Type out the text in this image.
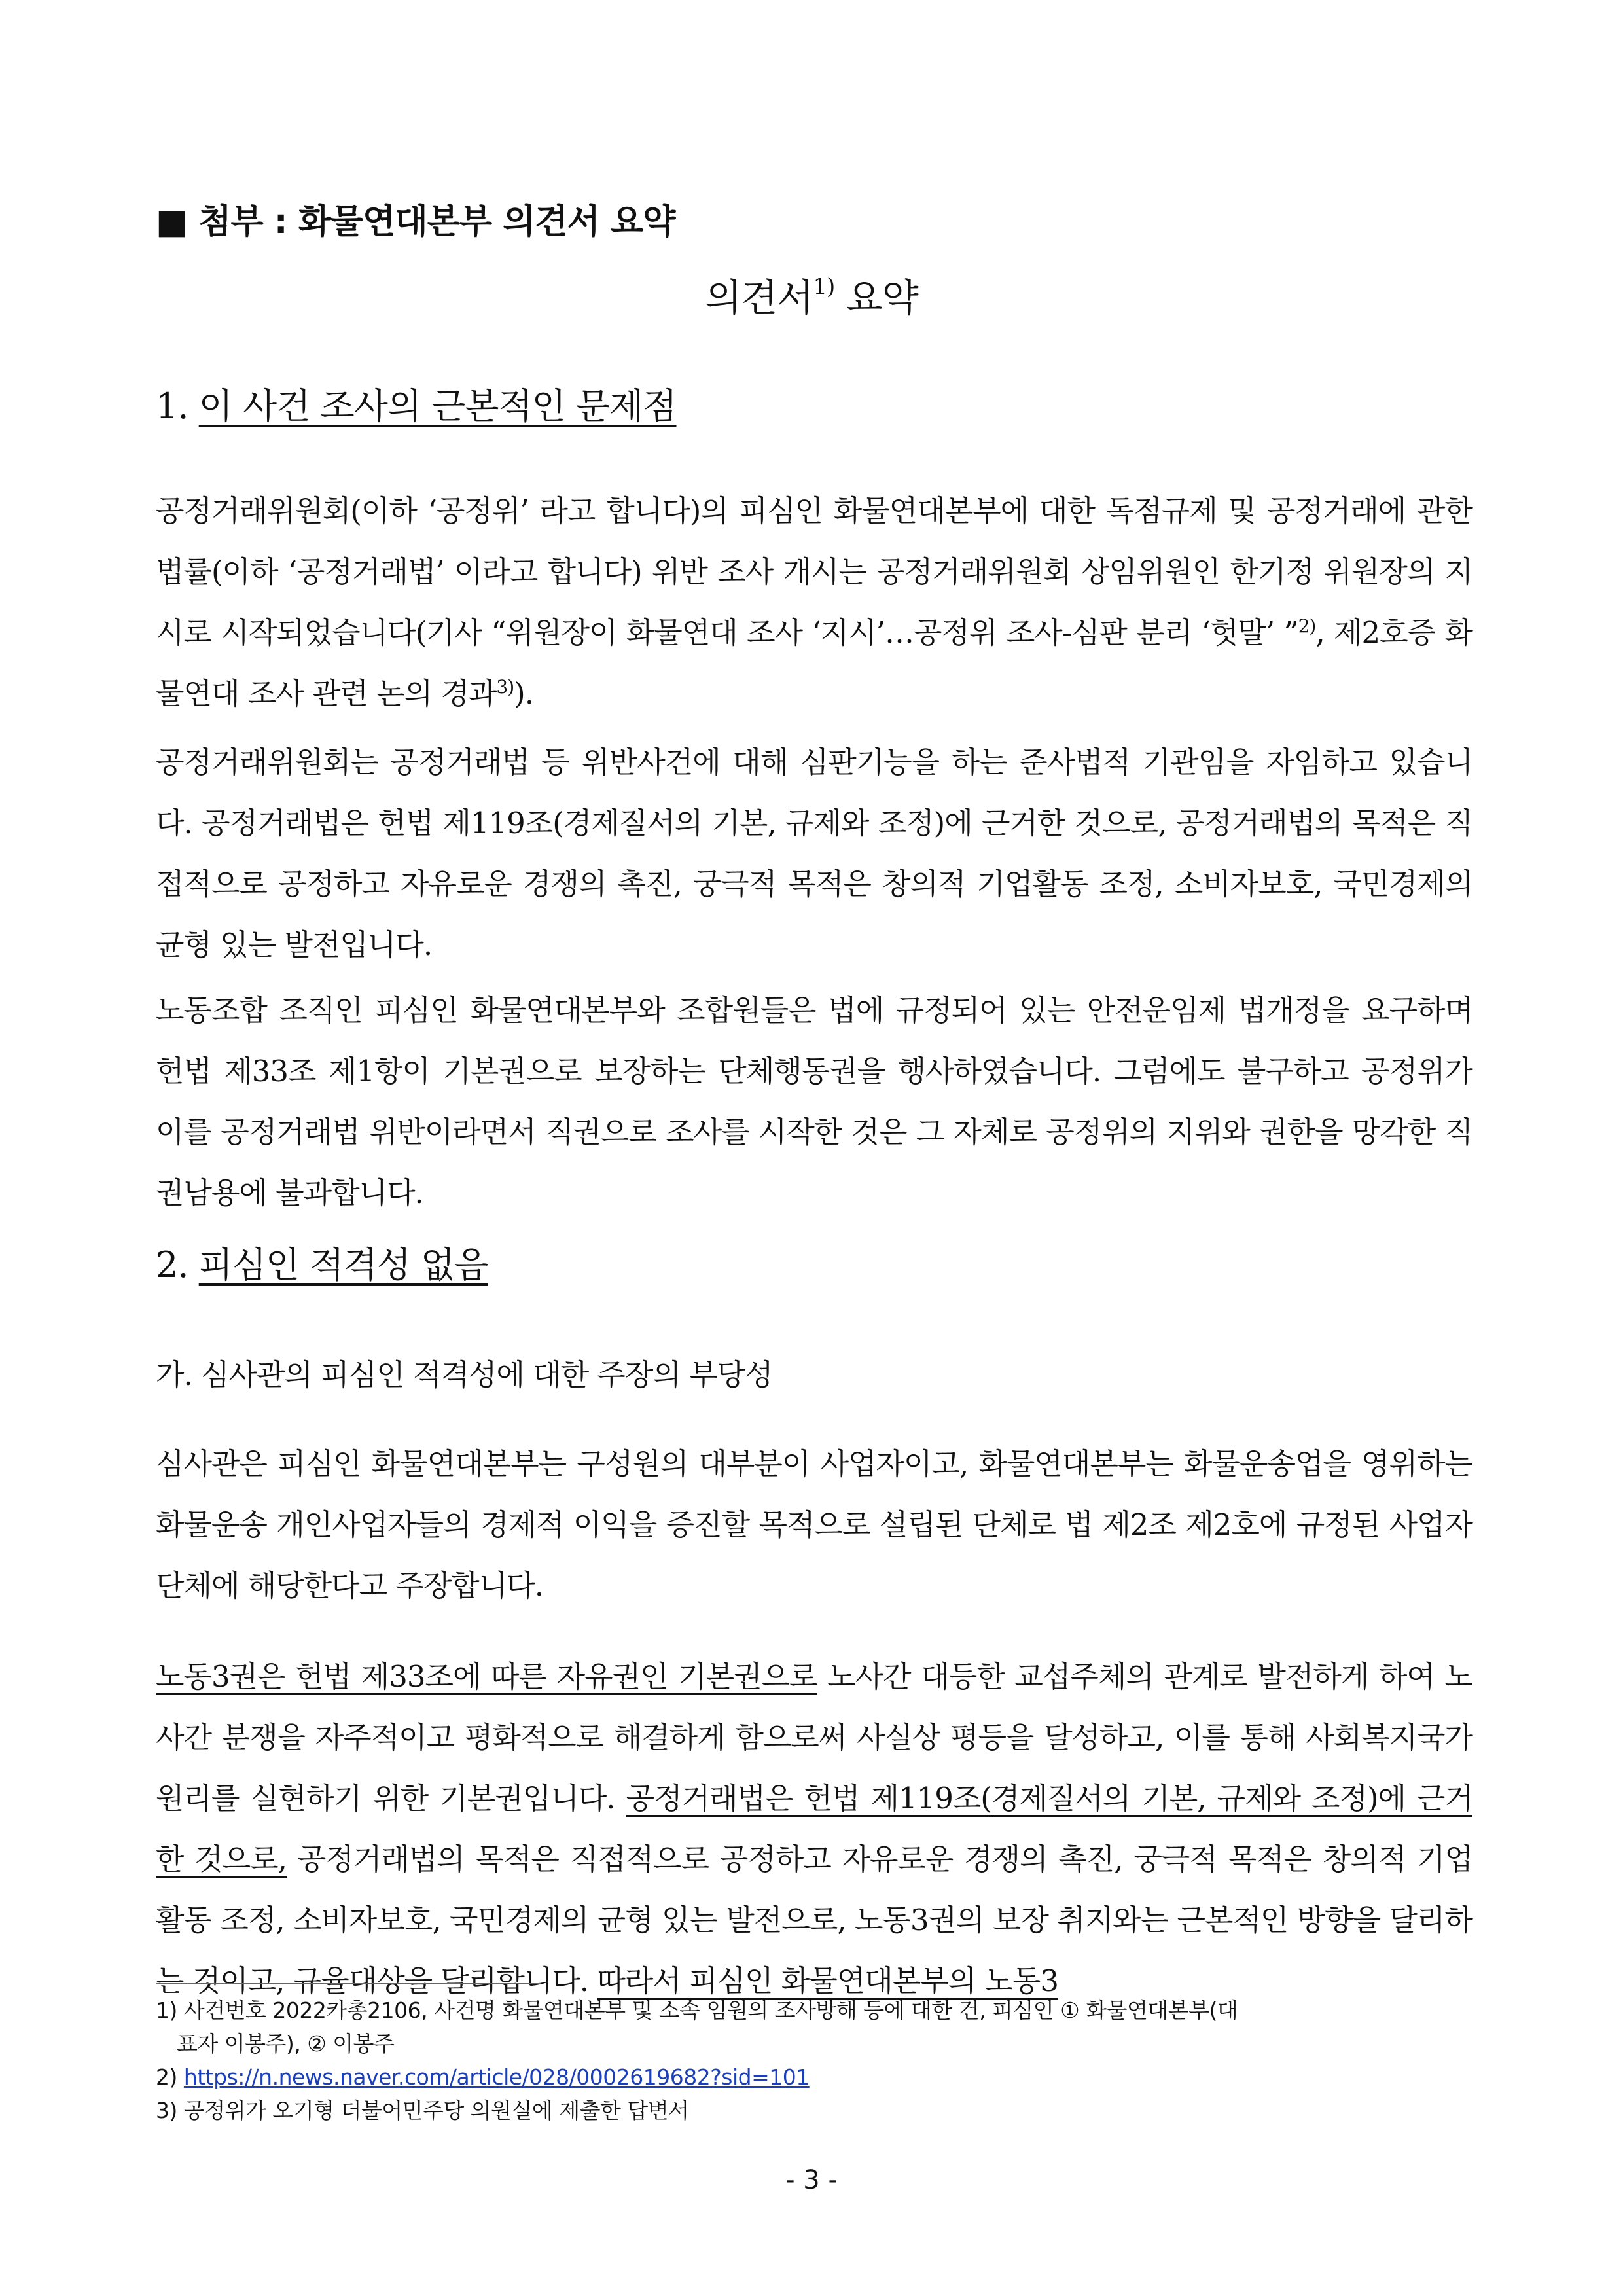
■ 첨부 : 화물연대본부 의견서 요약
의견서$^{1)}$ 요약
1. 이 사건 조사의 근본적인 문제점

공정거래위원회(이하 ‘공정위’ 라고 합니다)의 피심인 화물연대본부에 대한 독점규제 및 공정거래에 관한 법률(이하 ‘공정거래법’ 이라고 합니다) 위반 조사 개시는 공정거래위원회 상임위원인 한기정 위원장의 지시로 시작되었습니다(기사 “위원장이 화물연대 조사 ‘지시’…공정위 조사-심판 분리 ‘헛말’ ”$^{2)}$, 제2호증 화물연대 조사 관련 논의 경과$^{3)}$).

공정거래위원회는 공정거래법 등 위반사건에 대해 심판기능을 하는 준사법적 기관임을 자임하고 있습니다. 공정거래법은 헌법 제119조(경제질서의 기본, 규제와 조정)에 근거한 것으로, 공정거래법의 목적은 직접적으로 공정하고 자유로운 경쟁의 촉진, 궁극적 목적은 창의적 기업활동 조정, 소비자보호, 국민경제의 균형 있는 발전입니다.

노동조합 조직인 피심인 화물연대본부와 조합원들은 법에 규정되어 있는 안전운임제 법개정을 요구하며 헌법 제33조 제1항이 기본권으로 보장하는 단체행동권을 행사하였습니다. 그럼에도 불구하고 공정위가 이를 공정거래법 위반이라면서 직권으로 조사를 시작한 것은 그 자체로 공정위의 지위와 권한을 망각한 직권남용에 불과합니다.

2. 피심인 적격성 없음
가. 심사관의 피심인 적격성에 대한 주장의 부당성

심사관은 피심인 화물연대본부는 구성원의 대부분이 사업자이고, 화물연대본부는 화물운송업을 영위하는 화물운송 개인사업자들의 경제적 이익을 증진할 목적으로 설립된 단체로 법 제2조 제2호에 규정된 사업자단체에 해당한다고 주장합니다.

노동3권은 헌법 제33조에 따른 자유권인 기본권으로 노사간 대등한 교섭주체의 관계로 발전하게 하여 노사간 분쟁을 자주적이고 평화적으로 해결하게 함으로써 사실상 평등을 달성하고, 이를 통해 사회복지국가 원리를 실현하기 위한 기본권입니다. 공정거래법은 헌법 제119조(경제질서의 기본, 규제와 조정)에 근거한 것으로, 공정거래법의 목적은 직접적으로 공정하고 자유로운 경쟁의 촉진, 궁극적 목적은 창의적 기업활동 조정, 소비자보호, 국민경제의 균형 있는 발전으로, 노동3권의 보장 취지와는 근본적인 방향을 달리하는 것이고, 규율대상을 달리합니다. 따라서 피심인 화물연대본부의 노동3

1) 사건번호 2022카총2106, 사건명 화물연대본부 및 소속 임원의 조사방해 등에 대한 건, 피심인 ① 화물연대본부(대
표자 이봉주), ② 이봉주

2) https://n.news.naver.com/article/028/0002619682?sid=101

3) 공정위가 오기형 더불어민주당 의원실에 제출한 답변서

- 3 -
